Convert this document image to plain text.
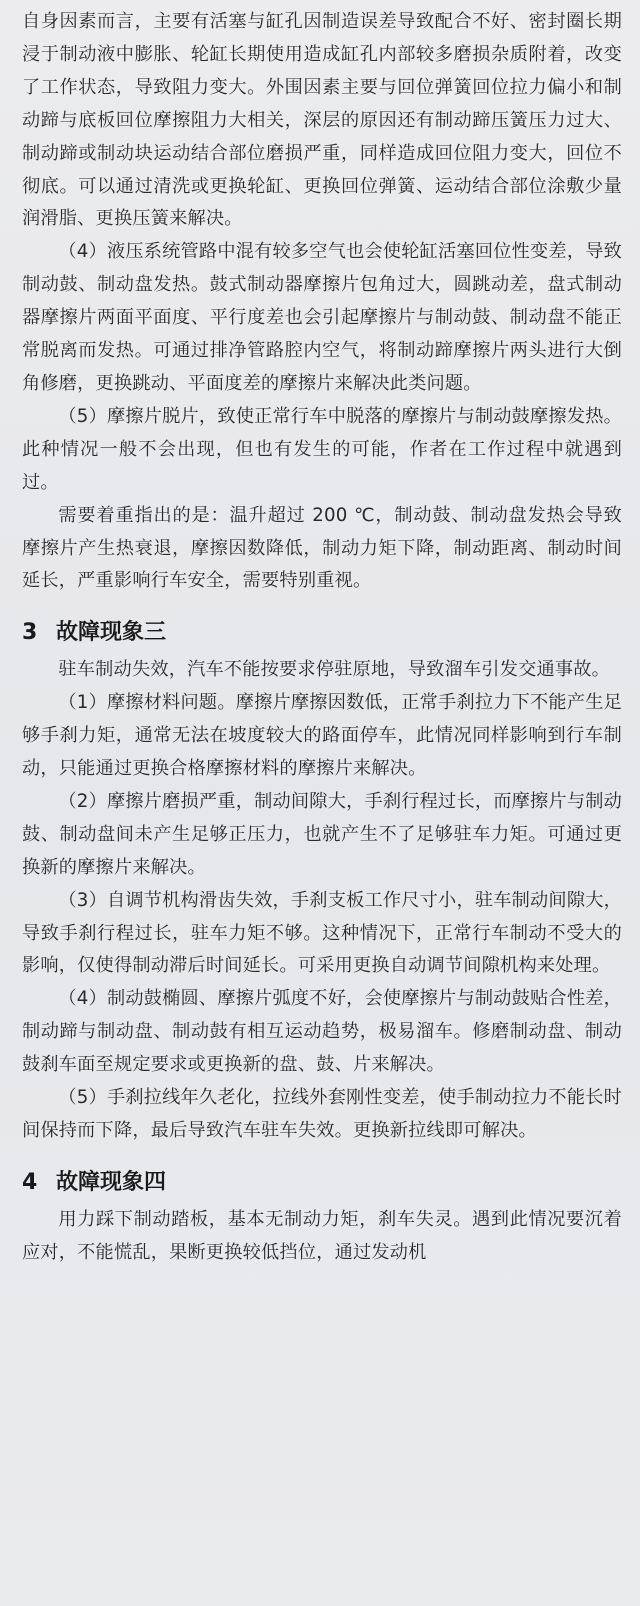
自身因素而言，主要有活塞与缸孔因制造误差导致配合不好、密封圈长期浸于制动液中膨胀、轮缸长期使用造成缸孔内部较多磨损杂质附着，改变了工作状态，导致阻力变大。外围因素主要与回位弹簧回位拉力偏小和制动蹄与底板回位摩擦阻力大相关，深层的原因还有制动蹄压簧压力过大、制动蹄或制动块运动结合部位磨损严重，同样造成回位阻力变大，回位不彻底。可以通过清洗或更换轮缸、更换回位弹簧、运动结合部位涂敷少量润滑脂、更换压簧来解决。

（4）液压系统管路中混有较多空气也会使轮缸活塞回位性变差，导致制动鼓、制动盘发热。鼓式制动器摩擦片包角过大，圆跳动差，盘式制动器摩擦片两面平面度、平行度差也会引起摩擦片与制动鼓、制动盘不能正常脱离而发热。可通过排净管路腔内空气，将制动蹄摩擦片两头进行大倒角修磨，更换跳动、平面度差的摩擦片来解决此类问题。

（5）摩擦片脱片，致使正常行车中脱落的摩擦片与制动鼓摩擦发热。此种情况一般不会出现，但也有发生的可能，作者在工作过程中就遇到过。

需要着重指出的是：温升超过 200 ℃，制动鼓、制动盘发热会导致摩擦片产生热衰退，摩擦因数降低，制动力矩下降，制动距离、制动时间延长，严重影响行车安全，需要特别重视。

3 故障现象三

驻车制动失效，汽车不能按要求停驻原地，导致溜车引发交通事故。

（1）摩擦材料问题。摩擦片摩擦因数低，正常手刹拉力下不能产生足够手刹力矩，通常无法在坡度较大的路面停车，此情况同样影响到行车制动，只能通过更换合格摩擦材料的摩擦片来解决。

（2）摩擦片磨损严重，制动间隙大，手刹行程过长，而摩擦片与制动鼓、制动盘间未产生足够正压力，也就产生不了足够驻车力矩。可通过更换新的摩擦片来解决。

（3）自调节机构滑齿失效，手刹支板工作尺寸小，驻车制动间隙大，导致手刹行程过长，驻车力矩不够。这种情况下，正常行车制动不受大的影响，仅使得制动滞后时间延长。可采用更换自动调节间隙机构来处理。

（4）制动鼓椭圆、摩擦片弧度不好，会使摩擦片与制动鼓贴合性差，制动蹄与制动盘、制动鼓有相互运动趋势，极易溜车。修磨制动盘、制动鼓刹车面至规定要求或更换新的盘、鼓、片来解决。

（5）手刹拉线年久老化，拉线外套刚性变差，使手制动拉力不能长时间保持而下降，最后导致汽车驻车失效。更换新拉线即可解决。

4 故障现象四

用力踩下制动踏板，基本无制动力矩，刹车失灵。遇到此情况要沉着应对，不能慌乱，果断更换较低挡位，通过发动机
